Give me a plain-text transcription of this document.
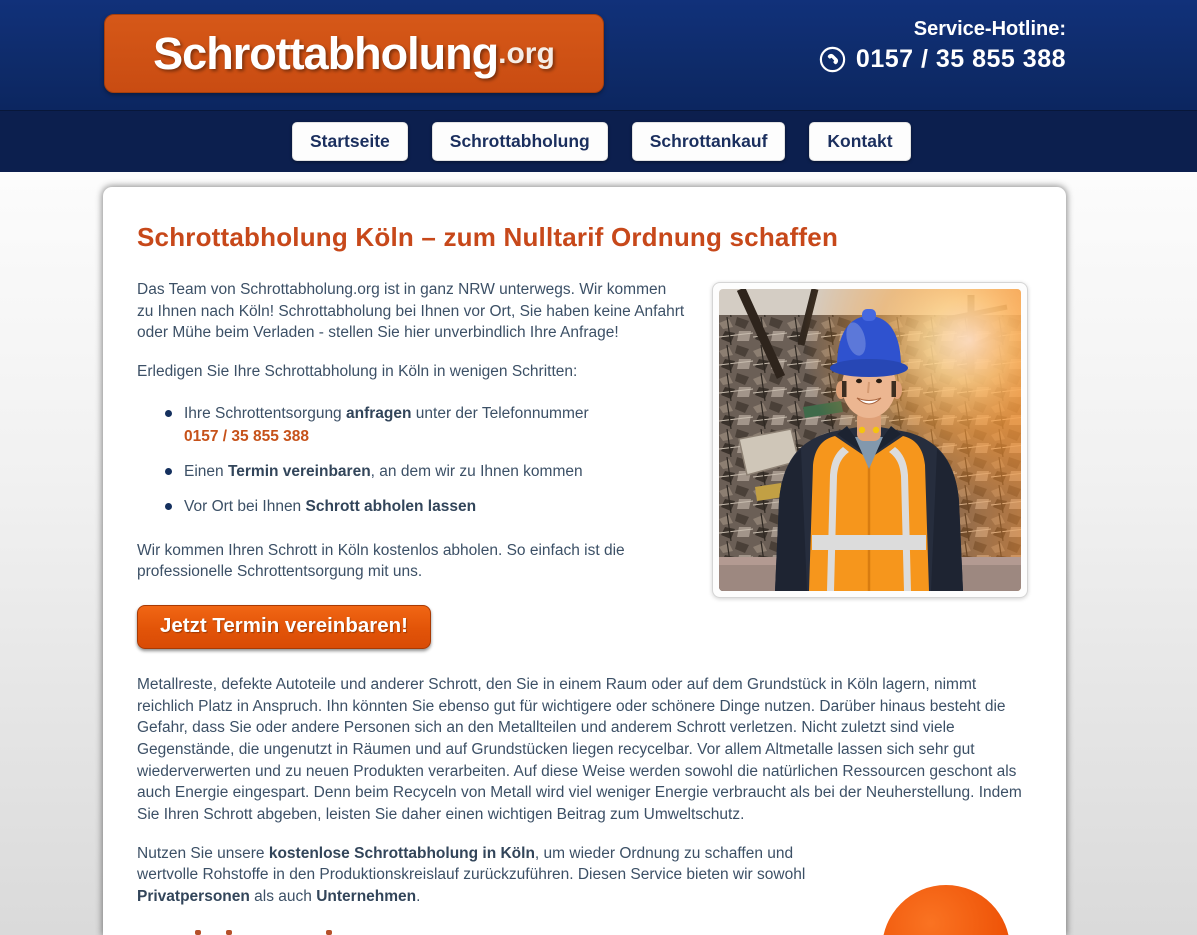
Schrottabholung .org
Service-Hotline:
0157 / 35 855 388
Startseite	Schrottabholung	Schrottankauf	Kontakt
Schrottabholung Köln – zum Nulltarif Ordnung schaffen

Das Team von Schrottabholung.org ist in ganz NRW unterwegs. Wir kommen zu Ihnen nach Köln! Schrottabholung bei Ihnen vor Ort, Sie haben keine Anfahrt oder Mühe beim Verladen - stellen Sie hier unverbindlich Ihre Anfrage!

Erledigen Sie Ihre Schrottabholung in Köln in wenigen Schritten:

Ihre Schrottentsorgung anfragen unter der Telefonnummer
0157 / 35 855 388
Einen Termin vereinbaren, an dem wir zu Ihnen kommen
Vor Ort bei Ihnen Schrott abholen lassen

Wir kommen Ihren Schrott in Köln kostenlos abholen. So einfach ist die professionelle Schrottentsorgung mit uns.

Jetzt Termin vereinbaren!

Metallreste, defekte Autoteile und anderer Schrott, den Sie in einem Raum oder auf dem Grundstück in Köln lagern, nimmt reichlich Platz in Anspruch. Ihn könnten Sie ebenso gut für wichtigere oder schönere Dinge nutzen. Darüber hinaus besteht die Gefahr, dass Sie oder andere Personen sich an den Metallteilen und anderem Schrott verletzen. Nicht zuletzt sind viele Gegenstände, die ungenutzt in Räumen und auf Grundstücken liegen recycelbar. Vor allem Altmetalle lassen sich sehr gut wiederverwerten und zu neuen Produkten verarbeiten. Auf diese Weise werden sowohl die natürlichen Ressourcen geschont als auch Energie eingespart. Denn beim Recyceln von Metall wird viel weniger Energie verbraucht als bei der Neuherstellung. Indem Sie Ihren Schrott abgeben, leisten Sie daher einen wichtigen Beitrag zum Umweltschutz.

Nutzen Sie unsere kostenlose Schrottabholung in Köln, um wieder Ordnung zu schaffen und wertvolle Rohstoffe in den Produktionskreislauf zurückzuführen. Diesen Service bieten wir sowohl Privatpersonen als auch Unternehmen.
